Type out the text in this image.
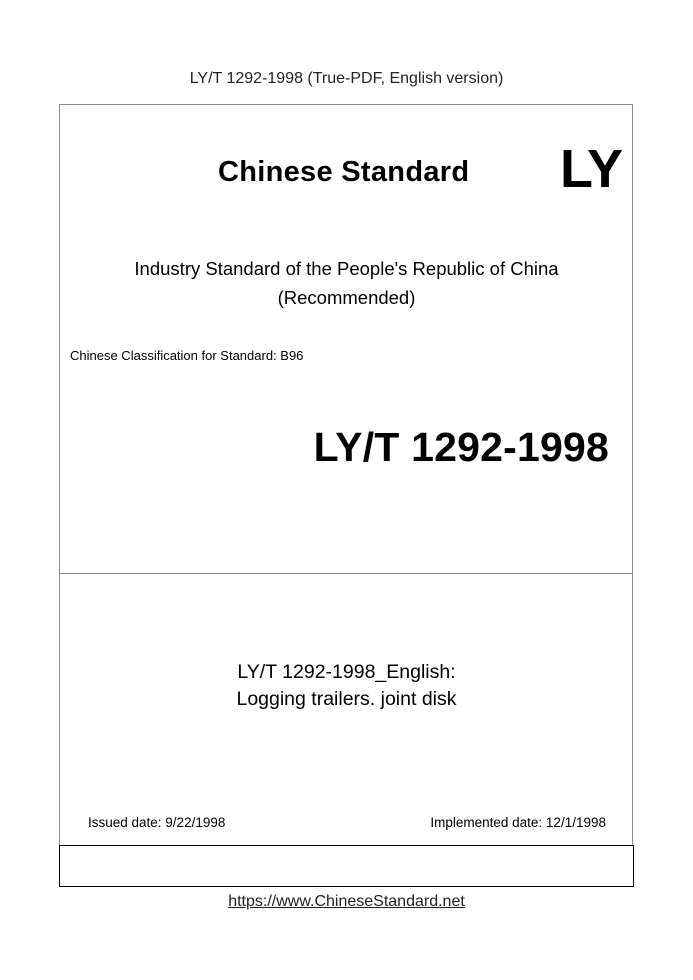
LY/T 1292-1998 (True-PDF, English version)
Chinese Standard LY
Industry Standard of the People's Republic of China
(Recommended)
Chinese Classification for Standard: B96
LY/T 1292-1998
LY/T 1292-1998_English:
Logging trailers. joint disk
Issued date: 9/22/1998	Implemented date: 12/1/1998
https://www.ChineseStandard.net
